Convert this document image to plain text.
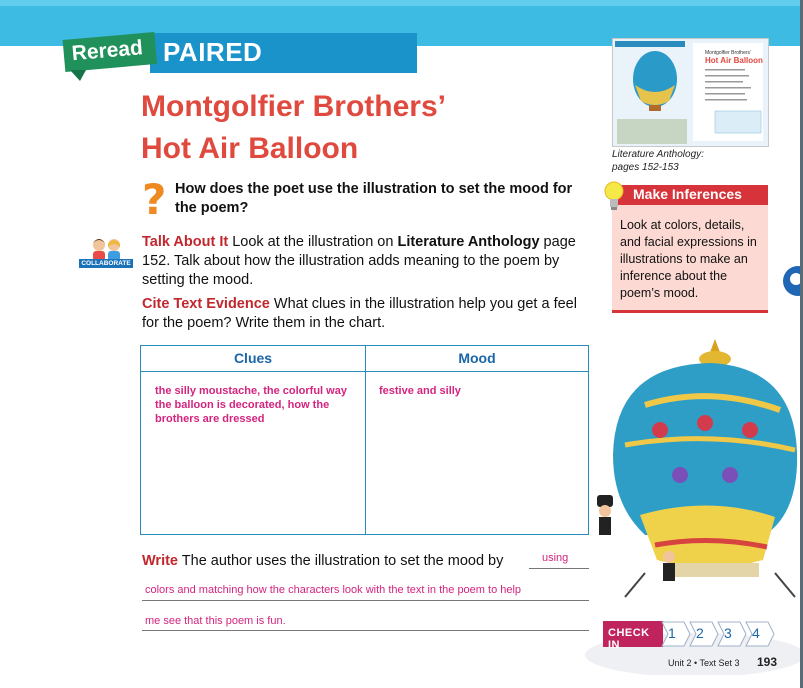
PAIRED SELECTION
Reread
Montgolfier Brothers’
Hot Air Balloon
? How does the poet use the illustration to set the mood for the poem?
COLLABORATE
Talk About It Look at the illustration on Literature Anthology page 152. Talk about how the illustration adds meaning to the poem by setting the mood.
Cite Text Evidence What clues in the illustration help you get a feel for the poem? Write them in the chart.
Clues	Mood
the silly moustache, the colorful way the balloon is decorated, how the brothers are dressed
festive and silly
Write The author uses the illustration to set the mood by	using
colors and matching how the characters look with the text in the poem to help
me see that this poem is fun.
Montgolfier Brothers’
Hot Air Balloon
Literature Anthology:
pages 152-153
Make Inferences
Look at colors, details, and facial expressions in illustrations to make an inference about the poem’s mood.
CHECK IN
1 2 3 4
Unit 2 • Text Set 3 193
